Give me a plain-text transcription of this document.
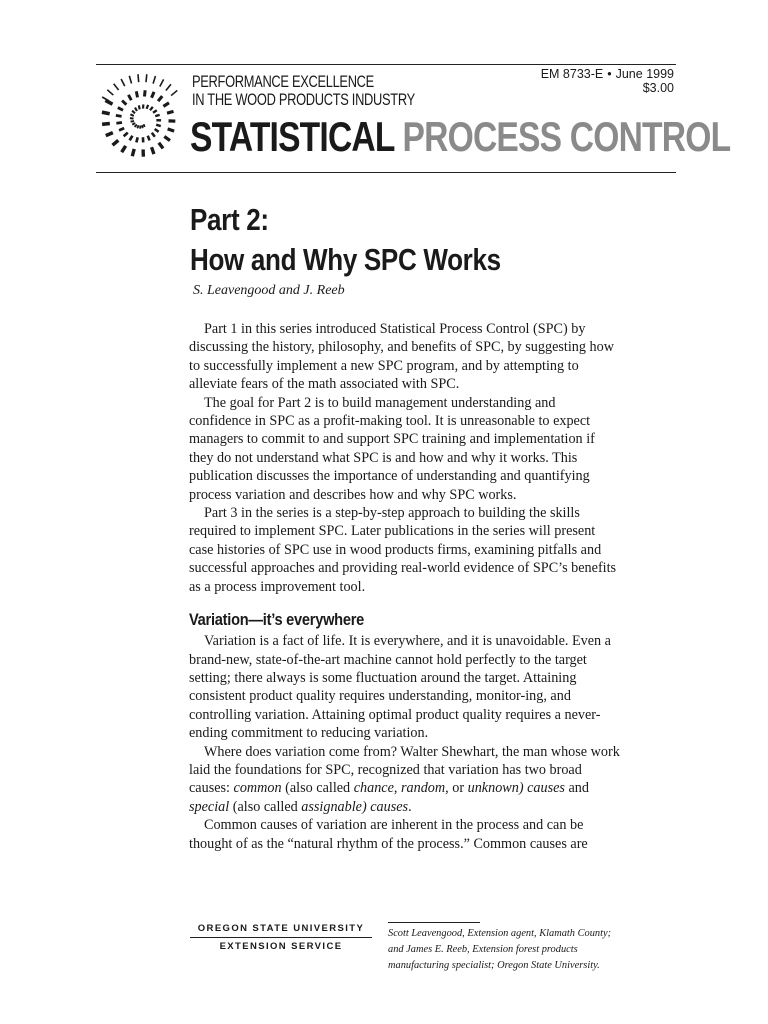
PERFORMANCE EXCELLENCE

IN THE WOOD PRODUCTS INDUSTRY

EM 8733-E • June 1999
$3.00
STATISTICAL PROCESS CONTROL
Part 2:
How and Why SPC Works

S. Leavengood and J. Reeb

Part 1 in this series introduced Statistical Process Control (SPC) by discussing the history, philosophy, and benefits of SPC, by suggesting how to successfully implement a new SPC program, and by attempting to alleviate fears of the math associated with SPC.

The goal for Part 2 is to build management understanding and confidence in SPC as a profit-making tool. It is unreasonable to expect managers to commit to and support SPC training and implementation if they do not understand what SPC is and how and why it works. This publication discusses the importance of understanding and quantifying process variation and describes how and why SPC works.

Part 3 in the series is a step-by-step approach to building the skills required to implement SPC. Later publications in the series will present case histories of SPC use in wood products firms, examining pitfalls and successful approaches and providing real-world evidence of SPC’s benefits as a process improvement tool.

Variation—it’s everywhere

Variation is a fact of life. It is everywhere, and it is unavoidable. Even a brand-new, state-of-the-art machine cannot hold perfectly to the target setting; there always is some fluctuation around the target. Attaining consistent product quality requires understanding, monitor-ing, and controlling variation. Attaining optimal product quality requires a never-ending commitment to reducing variation.

Where does variation come from? Walter Shewhart, the man whose work laid the foundations for SPC, recognized that variation has two broad causes: common (also called chance, random, or unknown) causes and special (also called assignable) causes.

Common causes of variation are inherent in the process and can be thought of as the “natural rhythm of the process.” Common causes are

OREGON STATE UNIVERSITY

EXTENSION SERVICE

Scott Leavengood, Extension agent, Klamath County; and James E. Reeb, Extension forest products manufacturing specialist; Oregon State University.
